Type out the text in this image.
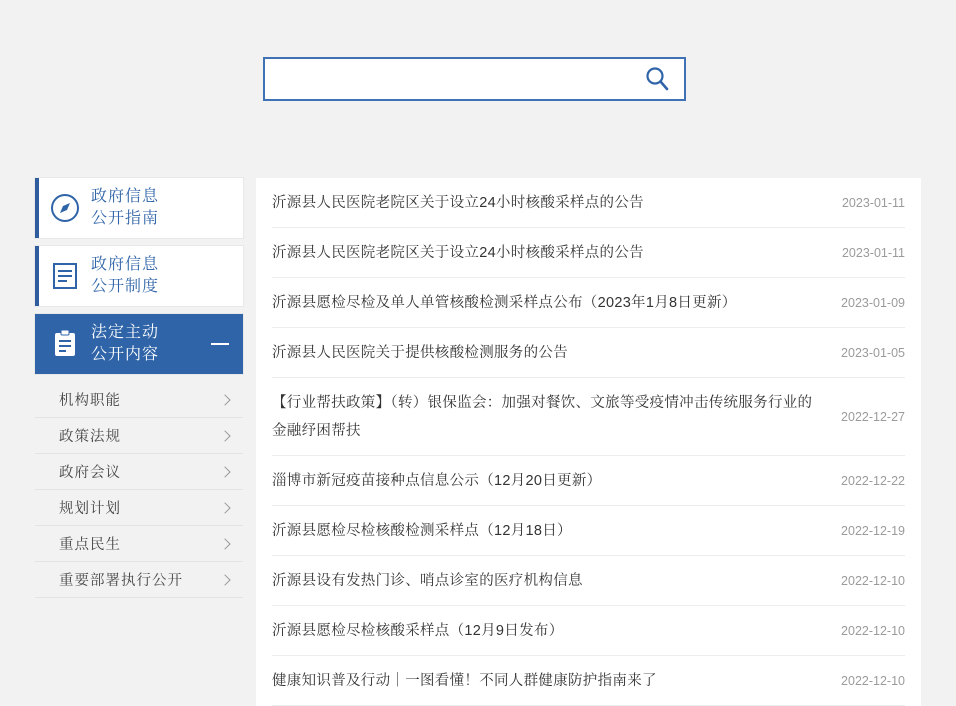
政府信息
公开指南
政府信息
公开制度
法定主动
公开内容
机构职能
政策法规
政府会议
规划计划
重点民生
重要部署执行公开
沂源县人民医院老院区关于设立24小时核酸采样点的公告	2023-01-11
沂源县人民医院老院区关于设立24小时核酸采样点的公告	2023-01-11
沂源县愿检尽检及单人单管核酸检测采样点公布（2023年1月8日更新）	2023-01-09
沂源县人民医院关于提供核酸检测服务的公告	2023-01-05
【行业帮扶政策】（转）银保监会：加强对餐饮、文旅等受疫情冲击传统服务行业的金融纾困帮扶
2022-12-27
淄博市新冠疫苗接种点信息公示（12月20日更新）	2022-12-22
沂源县愿检尽检核酸检测采样点（12月18日）	2022-12-19
沂源县设有发热门诊、哨点诊室的医疗机构信息	2022-12-10
沂源县愿检尽检核酸采样点（12月9日发布）	2022-12-10
健康知识普及行动｜一图看懂！不同人群健康防护指南来了	2022-12-10
